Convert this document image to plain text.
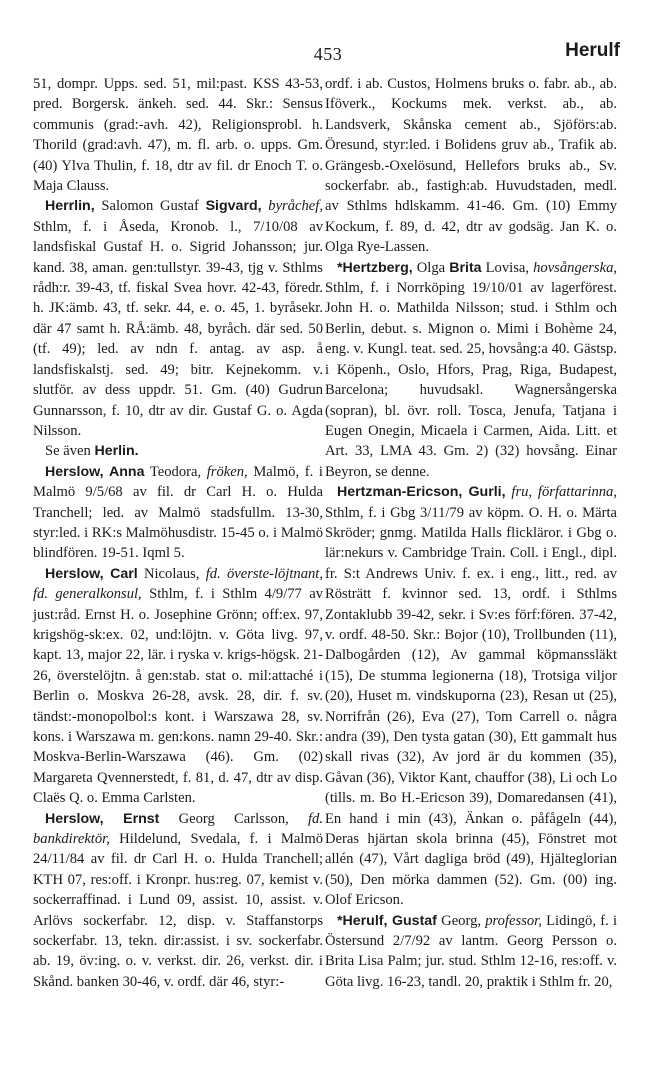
453	Herulf

51, dompr. Upps. sed. 51, mil:past. KSS 43-53, pred. Borgersk. änkeh. sed. 44. Skr.: Sensus communis (grad:-avh. 42), Religionsprobl. h. Thorild (grad:avh. 47), m. fl. arb. o. upps. Gm. (40) Ylva Thulin, f. 18, dtr av fil. dr Enoch T. o. Maja Clauss.

Herrlin, Salomon Gustaf Sigvard, byråchef, Sthlm, f. i Åseda, Kronob. l., 7/10/08 av landsfiskal Gustaf H. o. Sigrid Johansson; jur. kand. 38, aman. gen:tullstyr. 39-43, tjg v. Sthlms rådh:r. 39-43, tf. fiskal Svea hovr. 42-43, föredr. h. JK:ämb. 43, tf. sekr. 44, e. o. 45, 1. byråsekr. där 47 samt h. RÅ:ämb. 48, byråch. där sed. 50 (tf. 49); led. av ndn f. antag. av asp. å landsfiskalstj. sed. 49; bitr. Kejnekomm. v. slutför. av dess uppdr. 51. Gm. (40) Gudrun Gunnarsson, f. 10, dtr av dir. Gustaf G. o. Agda Nilsson.

Se även Herlin.

Herslow, Anna Teodora, fröken, Malmö, f. i Malmö 9/5/68 av fil. dr Carl H. o. Hulda Tranchell; led. av Malmö stadsfullm. 13-30, styr:led. i RK:s Malmöhusdistr. 15-45 o. i Malmö blindfören. 19-51. Iqml 5.

Herslow, Carl Nicolaus, fd. överste-löjtnant, fd. generalkonsul, Sthlm, f. i Sthlm 4/9/77 av just:råd. Ernst H. o. Josephine Grönn; off:ex. 97, krigshög-sk:ex. 02, und:löjtn. v. Göta livg. 97, kapt. 13, major 22, lär. i ryska v. krigs-högsk. 21-26, överstelöjtn. å gen:stab. stat o. mil:attaché i Berlin o. Moskva 26-28, avsk. 28, dir. f. sv. tändst:-monopolbol:s kont. i Warszawa 28, sv. kons. i Warszawa m. gen:kons. namn 29-40. Skr.: Moskva-Berlin-Warszawa (46). Gm. (02) Margareta Qvennerstedt, f. 81, d. 47, dtr av disp. Claës Q. o. Emma Carlsten.

Herslow, Ernst Georg Carlsson, fd. bankdirektör, Hildelund, Svedala, f. i Malmö 24/11/84 av fil. dr Carl H. o. Hulda Tranchell; KTH 07, res:off. i Kronpr. hus:reg. 07, kemist v. sockerraffinad. i Lund 09, assist. 10, assist. v. Arlövs sockerfabr. 12, disp. v. Staffanstorps sockerfabr. 13, tekn. dir:assist. i sv. sockerfabr. ab. 19, öv:ing. o. v. verkst. dir. 26, verkst. dir. i Skånd. banken 30-46, v. ordf. där 46, styr:-

ordf. i ab. Custos, Holmens bruks o. fabr. ab., ab. Iföverk., Kockums mek. verkst. ab., ab. Landsverk, Skånska cement ab., Sjöförs:ab. Öresund, styr:led. i Bolidens gruv ab., Trafik ab. Grängesb.-Oxelösund, Hellefors bruks ab., Sv. sockerfabr. ab., fastigh:ab. Huvudstaden, medl. av Sthlms hdlskamm. 41-46. Gm. (10) Emmy Kockum, f. 89, d. 42, dtr av godsäg. Jan K. o. Olga Rye-Lassen.

*Hertzberg, Olga Brita Lovisa, hovsångerska, Sthlm, f. i Norrköping 19/10/01 av lagerförest. John H. o. Mathilda Nilsson; stud. i Sthlm och Berlin, debut. s. Mignon o. Mimi i Bohème 24, eng. v. Kungl. teat. sed. 25, hovsång:a 40. Gästsp. i Köpenh., Oslo, Hfors, Prag, Riga, Budapest, Barcelona; huvudsakl. Wagnersångerska (sopran), bl. övr. roll. Tosca, Jenufa, Tatjana i Eugen Onegin, Micaela i Carmen, Aida. Litt. et Art. 33, LMA 43. Gm. 2) (32) hovsång. Einar Beyron, se denne.

Hertzman-Ericson, Gurli, fru, författarinna, Sthlm, f. i Gbg 3/11/79 av köpm. O. H. o. Märta Skröder; gnmg. Matilda Halls flickläror. i Gbg o. lär:nekurs v. Cambridge Train. Coll. i Engl., dipl. fr. S:t Andrews Univ. f. ex. i eng., litt., red. av Rösträtt f. kvinnor sed. 13, ordf. i Sthlms Zontaklubb 39-42, sekr. i Sv:es förf:fören. 37-42, v. ordf. 48-50. Skr.: Bojor (10), Trollbunden (11), Dalbogården (12), Av gammal köpmanssläkt (15), De stumma legionerna (18), Trotsiga viljor (20), Huset m. vindskuporna (23), Resan ut (25), Norrifrån (26), Eva (27), Tom Carrell o. några andra (39), Den tysta gatan (30), Ett gammalt hus skall rivas (32), Av jord är du kommen (35), Gåvan (36), Viktor Kant, chauffor (38), Li och Lo (tills. m. Bo H.-Ericson 39), Domaredansen (41), En hand i min (43), Änkan o. påfågeln (44), Deras hjärtan skola brinna (45), Fönstret mot allén (47), Vårt dagliga bröd (49), Hjälteglorian (50), Den mörka dammen (52). Gm. (00) ing. Olof Ericson.

*Herulf, Gustaf Georg, professor, Lidingö, f. i Östersund 2/7/92 av lantm. Georg Persson o. Brita Lisa Palm; jur. stud. Sthlm 12-16, res:off. v. Göta livg. 16-23, tandl. 20, praktik i Sthlm fr. 20,
